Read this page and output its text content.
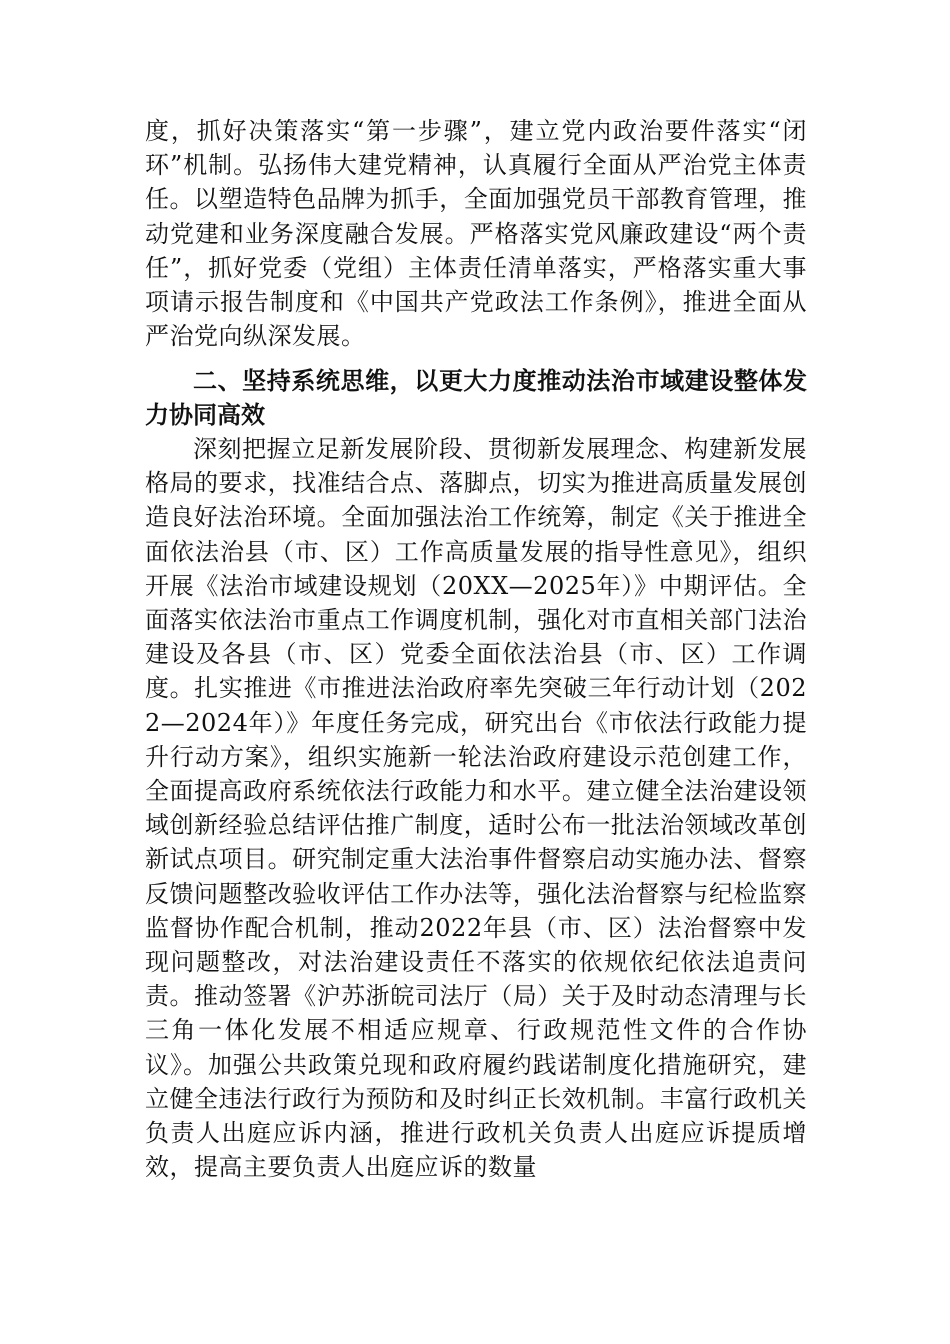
度，抓好决策落实“第一步骤”，建立党内政治要件落实“闭环”机制。弘扬伟大建党精神，认真履行全面从严治党主体责任。以塑造特色品牌为抓手，全面加强党员干部教育管理，推动党建和业务深度融合发展。严格落实党风廉政建设“两个责任”，抓好党委（党组）主体责任清单落实，严格落实重大事项请示报告制度和《中国共产党政法工作条例》，推进全面从严治党向纵深发展。

二、坚持系统思维，以更大力度推动法治市域建设整体发力协同高效

深刻把握立足新发展阶段、贯彻新发展理念、构建新发展格局的要求，找准结合点、落脚点，切实为推进高质量发展创造良好法治环境。全面加强法治工作统筹，制定《关于推进全面依法治县（市、区）工作高质量发展的指导性意见》，组织开展《法治市域建设规划（20XX—2025年）》中期评估。全面落实依法治市重点工作调度机制，强化对市直相关部门法治建设及各县（市、区）党委全面依法治县（市、区）工作调度。扎实推进《市推进法治政府率先突破三年行动计划（2022—2024年）》年度任务完成，研究出台《市依法行政能力提升行动方案》，组织实施新一轮法治政府建设示范创建工作，全面提高政府系统依法行政能力和水平。建立健全法治建设领域创新经验总结评估推广制度，适时公布一批法治领域改革创新试点项目。研究制定重大法治事件督察启动实施办法、督察反馈问题整改验收评估工作办法等，强化法治督察与纪检监察监督协作配合机制，推动2022年县（市、区）法治督察中发现问题整改，对法治建设责任不落实的依规依纪依法追责问责。推动签署《沪苏浙皖司法厅（局）关于及时动态清理与长三角一体化发展不相适应规章、行政规范性文件的合作协议》。加强公共政策兑现和政府履约践诺制度化措施研究，建立健全违法行政行为预防和及时纠正长效机制。丰富行政机关负责人出庭应诉内涵，推进行政机关负责人出庭应诉提质增效，提高主要负责人出庭应诉的数量
